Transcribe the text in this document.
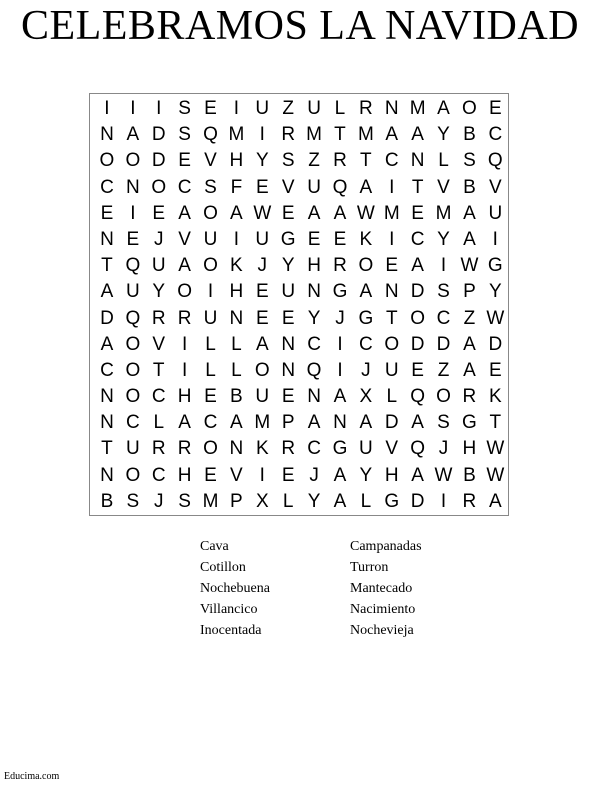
CELEBRAMOS LA NAVIDAD
I	I	I S E I U Z U L R N M A O E
N A D S Q M I R M T M A A Y B C
O O D E V H Y S Z R T C N L S Q
C N O C S F E V U Q A I T V B V
E I E A O A W E A A W M E M A U
N E J V U I U G E E K I C Y A I
T Q U A O K J Y H R O E A I W G
A U Y O I H E U N G A N D S P Y
D Q R R U N E E Y J G T O C Z W
A O V I L L A N C I C O D D A D
C O T I L L O N Q I J U E Z A E
N O C H E B U E N A X L Q O R K
N C L A C A M P A N A D A S G T
T U R R O N K R C G U V Q J H W
N O C H E V I E J A Y H A W B W
B S J S M P X L Y A L G D I R A
Cava	Campanadas
Cotillon	Turron
Nochebuena	Mantecado
Villancico	Nacimiento
Inocentada	Nochevieja
Educima.com
